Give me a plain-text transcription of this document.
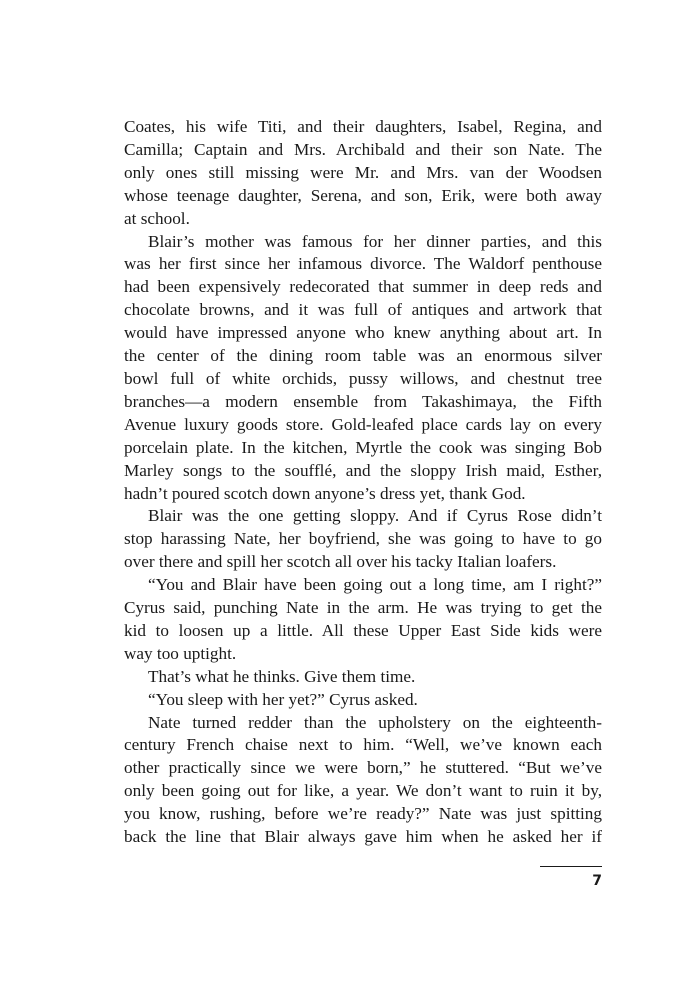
Coates, his wife Titi, and their daughters, Isabel, Regina, and
Camilla; Captain and Mrs. Archibald and their son Nate. The
only ones still missing were Mr. and Mrs. van der Woodsen
whose teenage daughter, Serena, and son, Erik, were both away
at school.

Blair’s mother was famous for her dinner parties, and this
was her first since her infamous divorce. The Waldorf penthouse
had been expensively redecorated that summer in deep reds and
chocolate browns, and it was full of antiques and artwork that
would have impressed anyone who knew anything about art. In
the center of the dining room table was an enormous silver
bowl full of white orchids, pussy willows, and chestnut tree
branches—a modern ensemble from Takashimaya, the Fifth
Avenue luxury goods store. Gold-leafed place cards lay on every
porcelain plate. In the kitchen, Myrtle the cook was singing Bob
Marley songs to the soufflé, and the sloppy Irish maid, Esther,
hadn’t poured scotch down anyone’s dress yet, thank God.

Blair was the one getting sloppy. And if Cyrus Rose didn’t
stop harassing Nate, her boyfriend, she was going to have to go
over there and spill her scotch all over his tacky Italian loafers.

“You and Blair have been going out a long time, am I right?”
Cyrus said, punching Nate in the arm. He was trying to get the
kid to loosen up a little. All these Upper East Side kids were
way too uptight.

That’s what he thinks. Give them time.

“You sleep with her yet?” Cyrus asked.

Nate turned redder than the upholstery on the eighteenth-
century French chaise next to him. “Well, we’ve known each
other practically since we were born,” he stuttered. “But we’ve
only been going out for like, a year. We don’t want to ruin it by,
you know, rushing, before we’re ready?” Nate was just spitting
back the line that Blair always gave him when he asked her if

7
